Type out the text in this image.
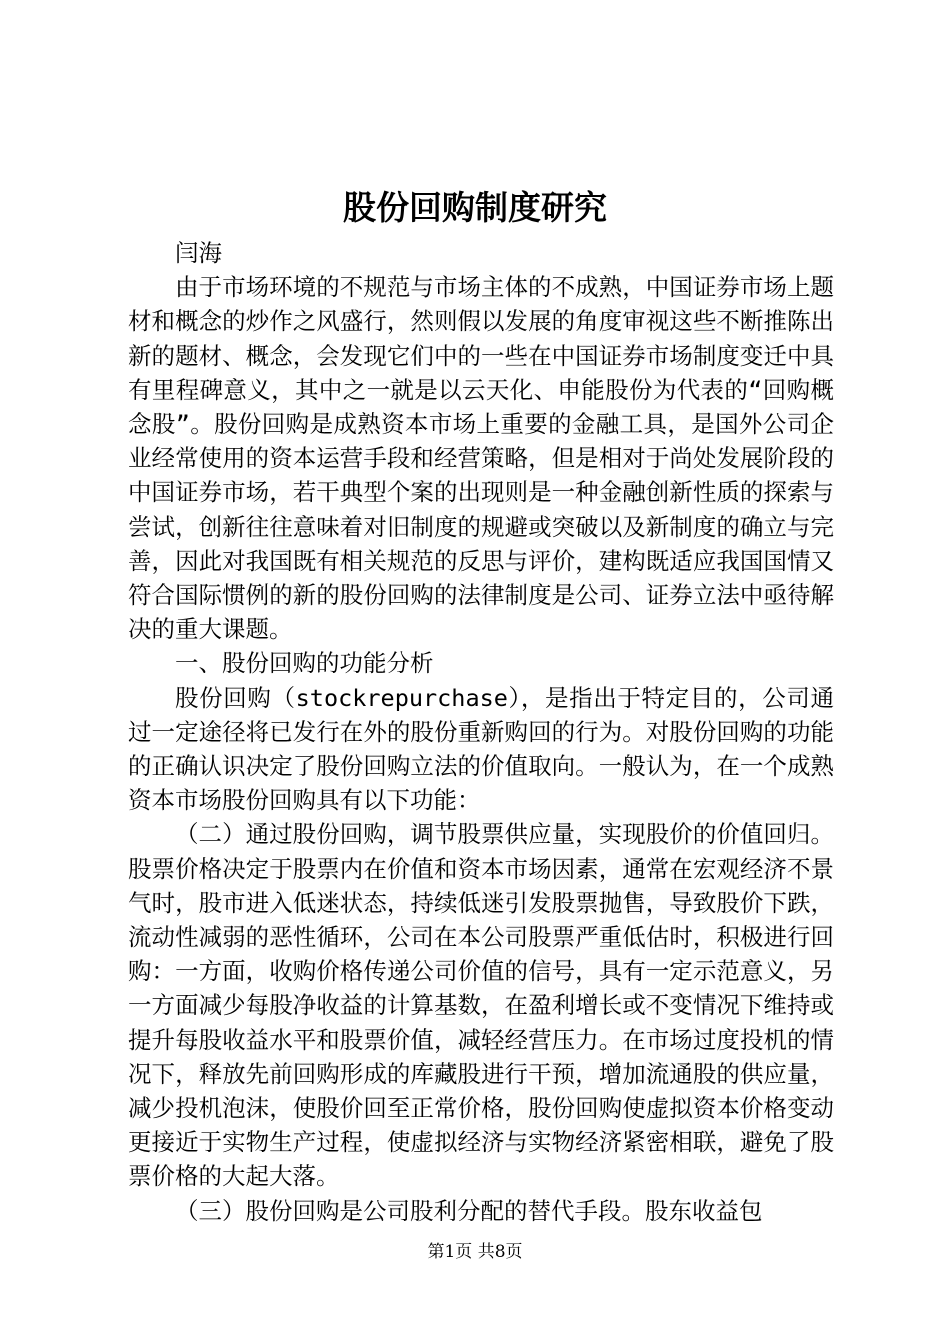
股份回购制度研究

闫海

由于市场环境的不规范与市场主体的不成熟，中国证券市场上题材和概念的炒作之风盛行，然则假以发展的角度审视这些不断推陈出新的题材、概念，会发现它们中的一些在中国证券市场制度变迁中具有里程碑意义，其中之一就是以云天化、申能股份为代表的“回购概念股”。股份回购是成熟资本市场上重要的金融工具，是国外公司企业经常使用的资本运营手段和经营策略，但是相对于尚处发展阶段的中国证券市场，若干典型个案的出现则是一种金融创新性质的探索与尝试，创新往往意味着对旧制度的规避或突破以及新制度的确立与完善，因此对我国既有相关规范的反思与评价，建构既适应我国国情又符合国际惯例的新的股份回购的法律制度是公司、证券立法中亟待解决的重大课题。

一、股份回购的功能分析

股份回购（stockrepurchase），是指出于特定目的，公司通过一定途径将已发行在外的股份重新购回的行为。对股份回购的功能的正确认识决定了股份回购立法的价值取向。一般认为，在一个成熟资本市场股份回购具有以下功能：

（二）通过股份回购，调节股票供应量，实现股价的价值回归。股票价格决定于股票内在价值和资本市场因素，通常在宏观经济不景气时，股市进入低迷状态，持续低迷引发股票抛售，导致股价下跌，流动性减弱的恶性循环，公司在本公司股票严重低估时，积极进行回购：一方面，收购价格传递公司价值的信号，具有一定示范意义，另一方面减少每股净收益的计算基数，在盈利增长或不变情况下维持或提升每股收益水平和股票价值，减轻经营压力。在市场过度投机的情况下，释放先前回购形成的库藏股进行干预，增加流通股的供应量，减少投机泡沫，使股价回至正常价格，股份回购使虚拟资本价格变动更接近于实物生产过程，使虚拟经济与实物经济紧密相联，避免了股票价格的大起大落。

（三）股份回购是公司股利分配的替代手段。股东收益包

第1页 共8页
